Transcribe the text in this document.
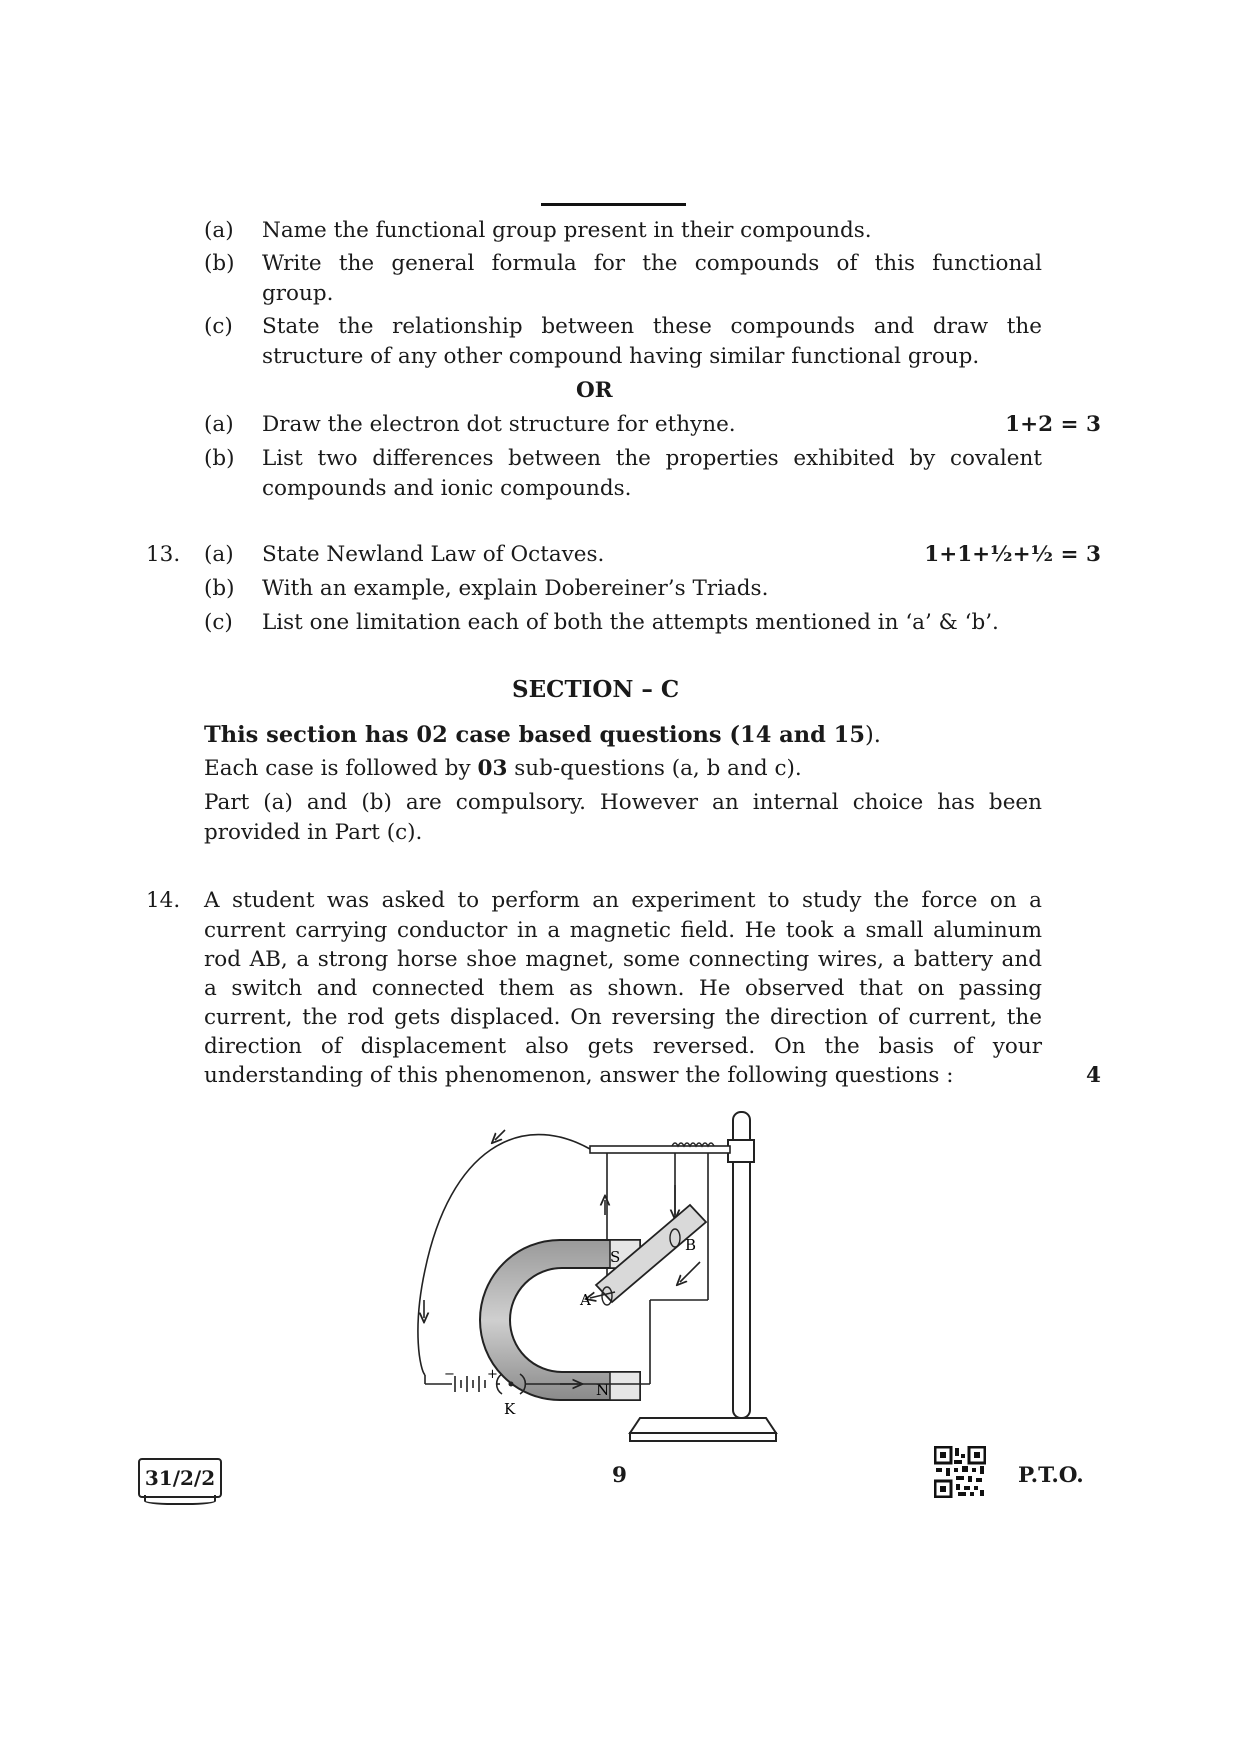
(a) Name the functional group present in their compounds.
(b) Write the general formula for the compounds of this functional
group.
(c) State the relationship between these compounds and draw the
structure of any other compound having similar functional group.
OR
(a) Draw the electron dot structure for ethyne.	1+2 = 3
(b) List two differences between the properties exhibited by covalent
compounds and ionic compounds.
13. (a) State Newland Law of Octaves.	1+1+½+½ = 3
(b) With an example, explain Dobereiner’s Triads.
(c) List one limitation each of both the attempts mentioned in ‘a’ & ‘b’.
SECTION – C
This section has 02 case based questions (14 and 15).
Each case is followed by 03 sub-questions (a, b and c).
Part (a) and (b) are compulsory. However an internal choice has been
provided in Part (c).
14. A student was asked to perform an experiment to study the force on a
current carrying conductor in a magnetic field. He took a small aluminum
rod AB, a strong horse shoe magnet, some connecting wires, a battery and
a switch and connected them as shown. He observed that on passing
current, the rod gets displaced. On reversing the direction of current, the
direction of displacement also gets reversed. On the basis of your
understanding of this phenomenon, answer the following questions :	4
S
N
A
B
− +
K
31/2/2	9	P.T.O.
